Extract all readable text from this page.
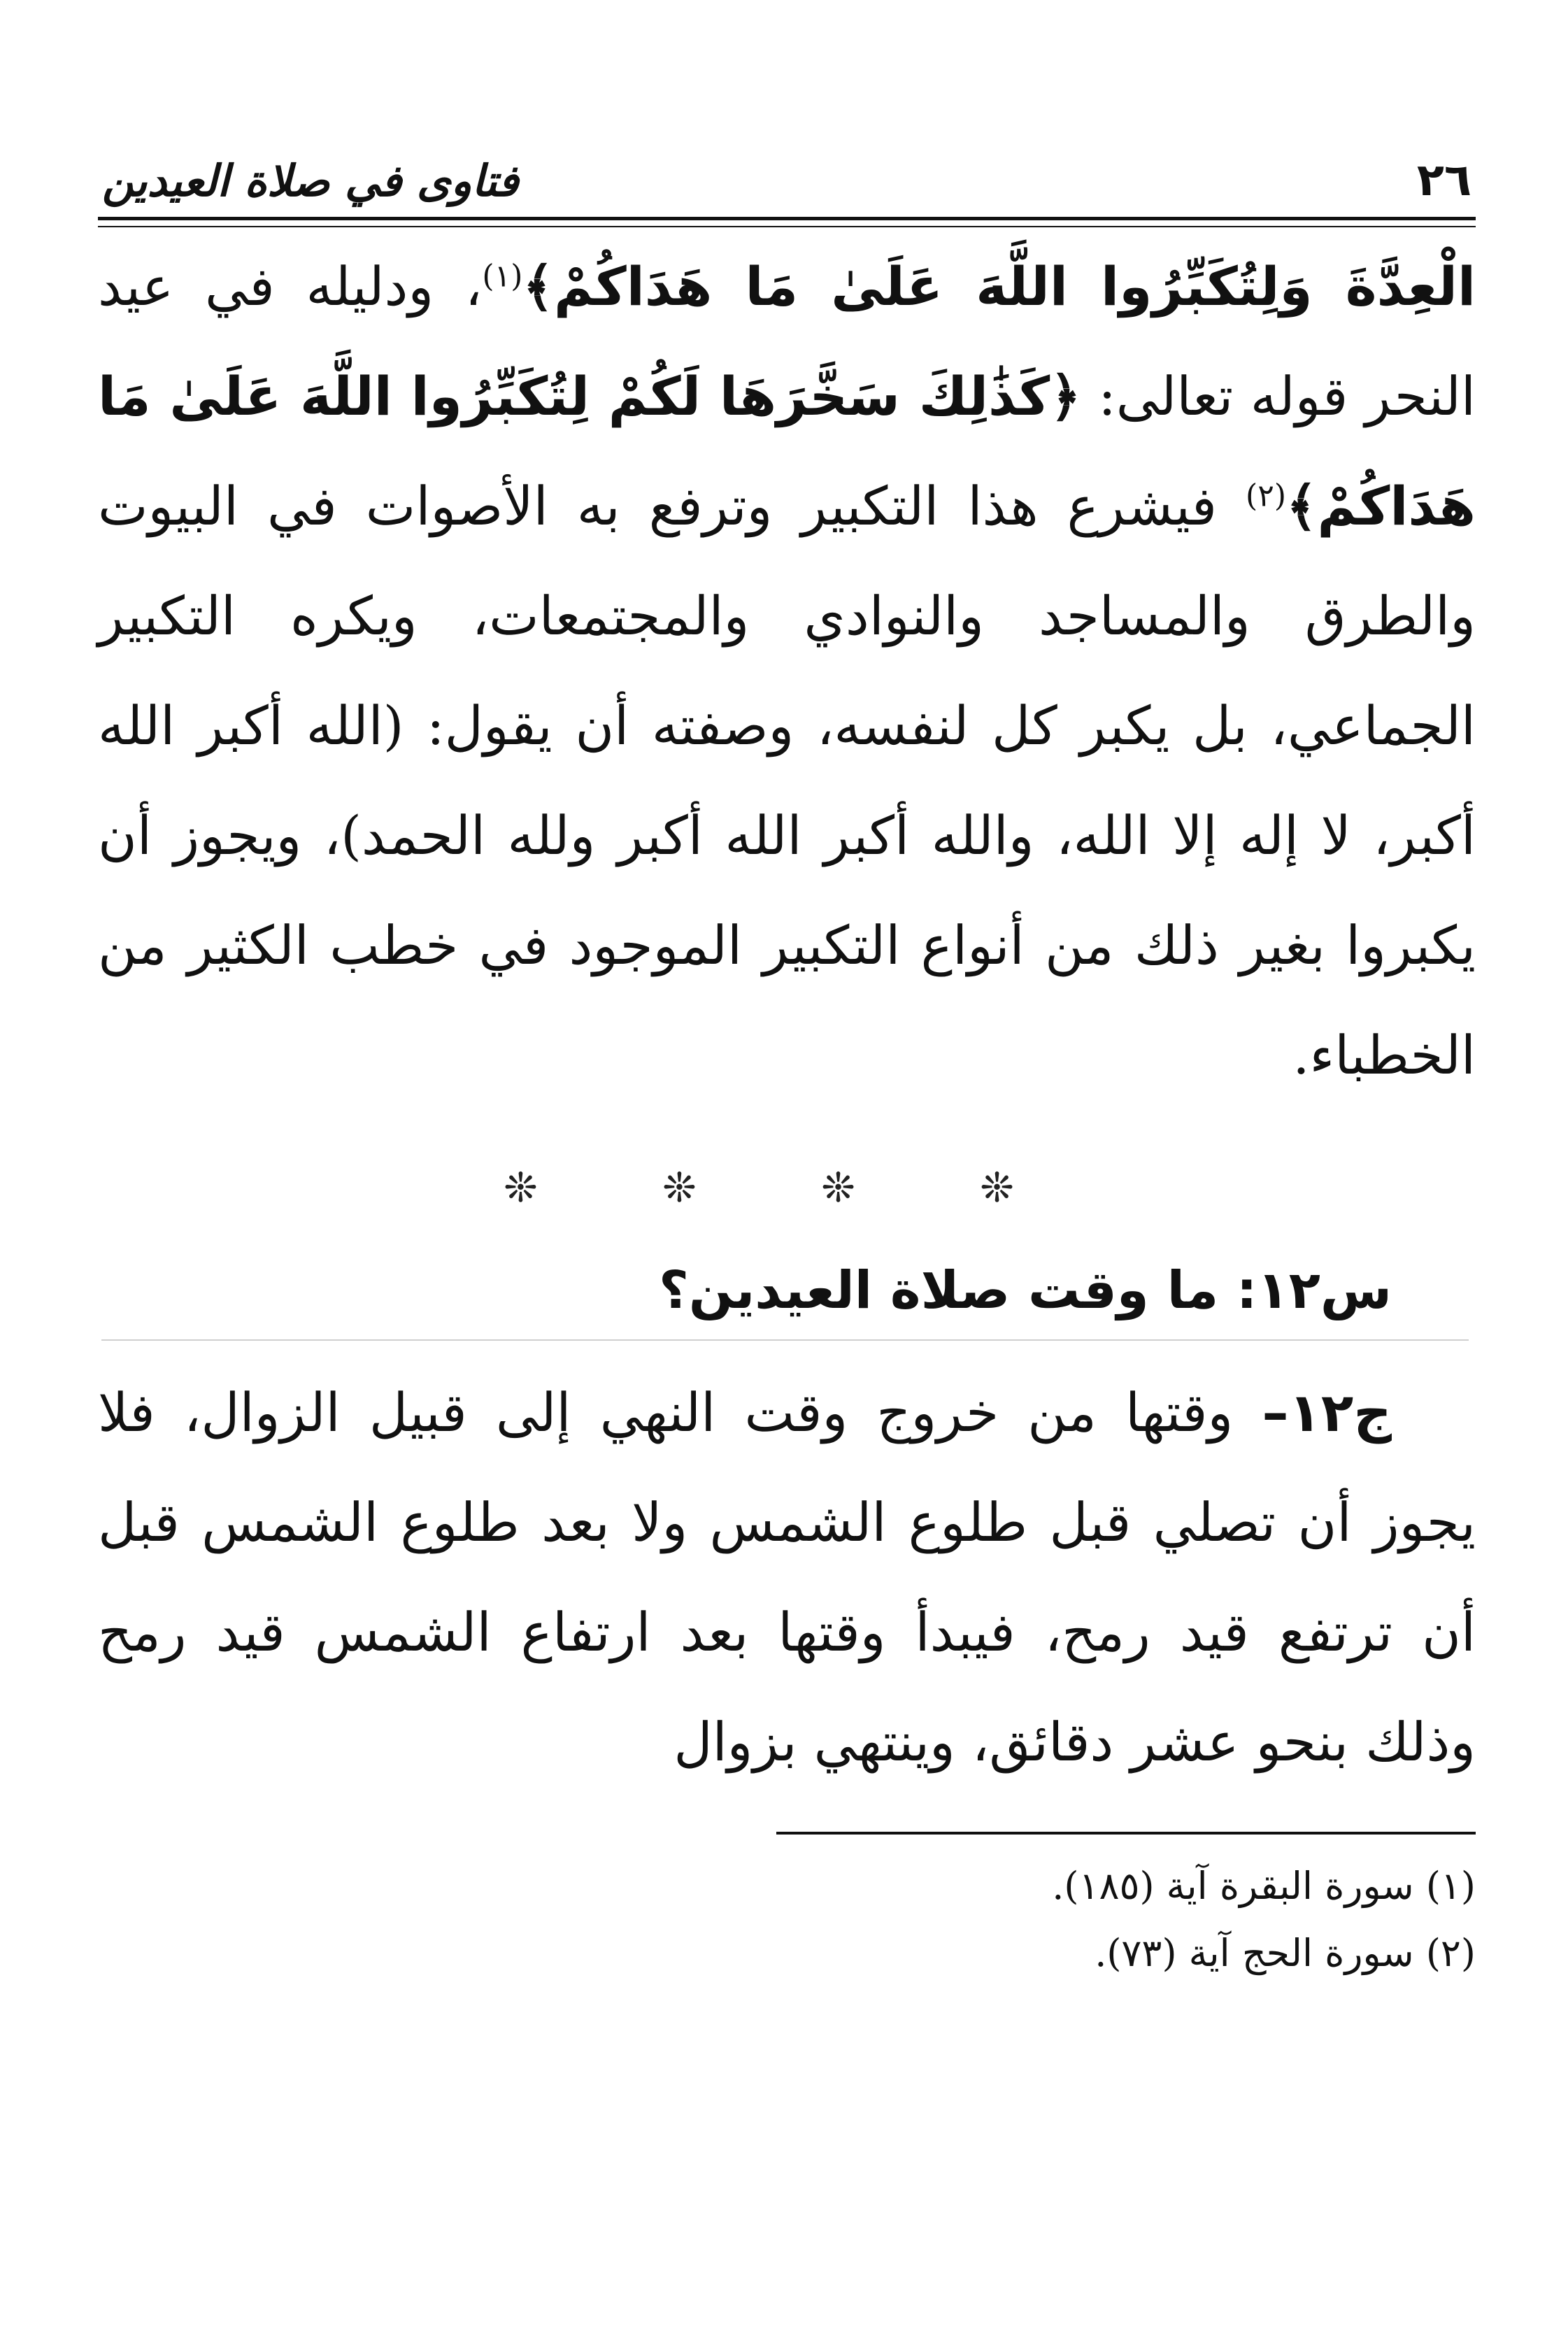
٢٦
فتاوى في صلاة العيدين

الْعِدَّةَ وَلِتُكَبِّرُوا اللَّهَ عَلَىٰ مَا هَدَاكُمْ﴾$^{(١)}$، ودليله في عيد النحر قوله تعالى: ﴿كَذَٰلِكَ سَخَّرَهَا لَكُمْ لِتُكَبِّرُوا اللَّهَ عَلَىٰ مَا هَدَاكُمْ﴾$^{(٢)}$ فيشرع هذا التكبير وترفع به الأصوات في البيوت والطرق والمساجد والنوادي والمجتمعات، ويكره التكبير الجماعي، بل يكبر كل لنفسه، وصفته أن يقول: (الله أكبر الله أكبر، لا إله إلا الله، والله أكبر الله أكبر ولله الحمد)، ويجوز أن يكبروا بغير ذلك من أنواع التكبير الموجود في خطب الكثير من الخطباء.

❊ ❊ ❊ ❊
س١٢: ما وقت صلاة العيدين؟

ج١٢– وقتها من خروج وقت النهي إلى قبيل الزوال، فلا يجوز أن تصلي قبل طلوع الشمس ولا بعد طلوع الشمس قبل أن ترتفع قيد رمح، فيبدأ وقتها بعد ارتفاع الشمس قيد رمح وذلك بنحو عشر دقائق، وينتهي بزوال

(١) سورة البقرة آية (١٨٥).

(٢) سورة الحج آية (٧٣).
